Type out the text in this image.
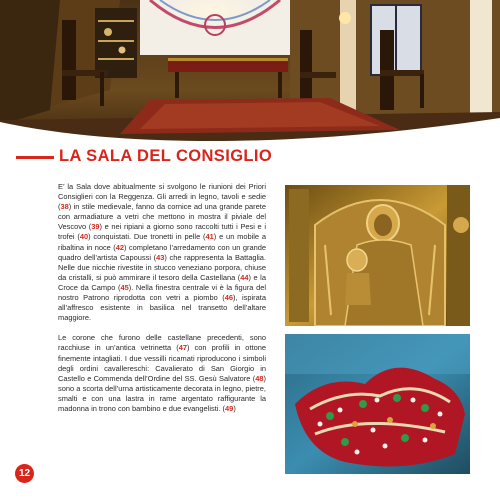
LA SALA DEL CONSIGLIO

E’ la Sala dove abitualmente si svolgono le riunioni dei Priori Consiglieri con la Reggenza. Gli arredi in legno, tavoli e sedie (38) in stile medievale, fanno da cornice ad una grande parete con armadiature a vetri che mettono in mostra il piviale del Vescovo (39) e nei ripiani a giorno sono raccolti tutti i Pesi e i trofei (40) conquistati. Due tronetti in pelle (41) e un mobile a ribaltina in noce (42) completano l’arredamento con un grande quadro dell’artista Capoussi (43) che rappresenta la Battaglia. Nelle due nicchie rivestite in stucco veneziano porpora, chiuse da cristalli, si può ammirare il tesoro della Castellana (44) e la Croce da Campo (45). Nella finestra centrale vi è la figura del nostro Patrono riprodotta con vetri a piombo (46), ispirata all’affresco esistente in basilica nel transetto dell’altare maggiore.

Le corone che furono delle castellane precedenti, sono racchiuse in un’antica vetrinetta (47) con profili in ottone finemente intagliati. I due vessilli ricamati riproducono i simboli degli ordini cavallereschi: Cavalierato di San Giorgio in Castello e Commenda dell’Ordine del SS. Gesù Salvatore (48) sono a scorta dell’urna artisticamente decorata in legno, pietre, smalti e con una lastra in rame argentato raffigurante la madonna in trono con bambino e due evangelisti. (49)

12
